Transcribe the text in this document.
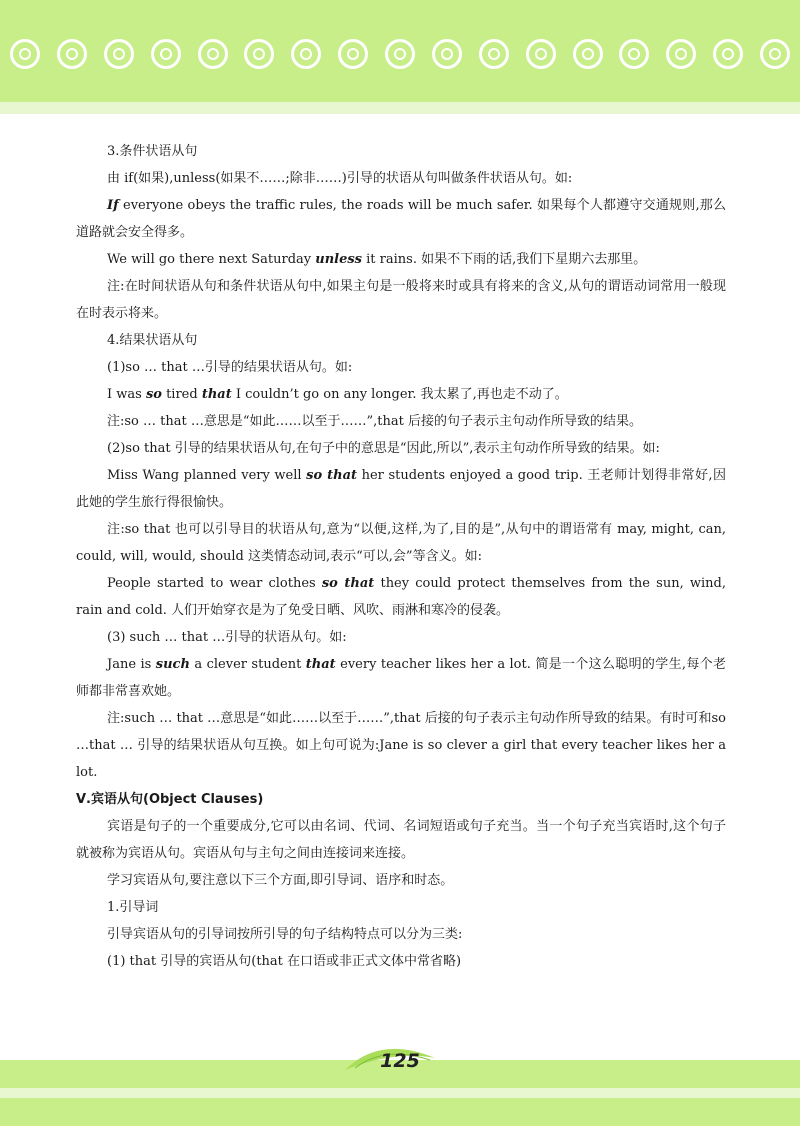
3.条件状语从句

由 if(如果),unless(如果不……;除非……)引导的状语从句叫做条件状语从句。如:

If everyone obeys the traffic rules, the roads will be much safer. 如果每个人都遵守交通规则,那么道路就会安全得多。

We will go there next Saturday unless it rains. 如果不下雨的话,我们下星期六去那里。

注:在时间状语从句和条件状语从句中,如果主句是一般将来时或具有将来的含义,从句的谓语动词常用一般现在时表示将来。

4.结果状语从句

(1)so … that …引导的结果状语从句。如:

I was so tired that I couldn’t go on any longer. 我太累了,再也走不动了。

注:so … that …意思是“如此……以至于……”,that 后接的句子表示主句动作所导致的结果。

(2)so that 引导的结果状语从句,在句子中的意思是“因此,所以”,表示主句动作所导致的结果。如:

Miss Wang planned very well so that her students enjoyed a good trip. 王老师计划得非常好,因此她的学生旅行得很愉快。

注:so that 也可以引导目的状语从句,意为“以便,这样,为了,目的是”,从句中的谓语常有 may, might, can, could, will, would, should 这类情态动词,表示“可以,会”等含义。如:

People started to wear clothes so that they could protect themselves from the sun, wind, rain and cold. 人们开始穿衣是为了免受日晒、风吹、雨淋和寒冷的侵袭。

(3) such … that …引导的状语从句。如:

Jane is such a clever student that every teacher likes her a lot. 简是一个这么聪明的学生,每个老师都非常喜欢她。

注:such … that …意思是“如此……以至于……”,that 后接的句子表示主句动作所导致的结果。有时可和so …that … 引导的结果状语从句互换。如上句可说为:Jane is so clever a girl that every teacher likes her a lot.

Ⅴ.宾语从句(Object Clauses)

宾语是句子的一个重要成分,它可以由名词、代词、名词短语或句子充当。当一个句子充当宾语时,这个句子就被称为宾语从句。宾语从句与主句之间由连接词来连接。

学习宾语从句,要注意以下三个方面,即引导词、语序和时态。

1.引导词

引导宾语从句的引导词按所引导的句子结构特点可以分为三类:

(1) that 引导的宾语从句(that 在口语或非正式文体中常省略)

125
